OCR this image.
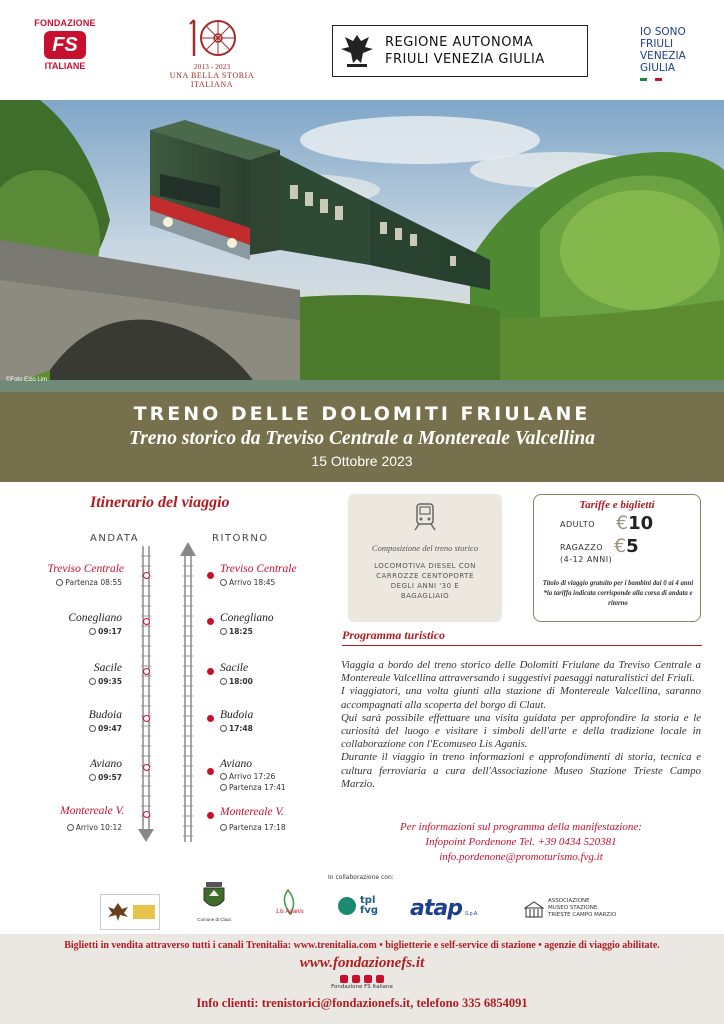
FONDAZIONE
FS
ITALIANE	2013 - 2023
UNA BELLA STORIA ITALIANA
REGIONE AUTONOMA
FRIULI VENEZIA GIULIA
IO SONO
FRIULI
VENEZIA
GIULIA
©Foto Ezio Lim
TRENO DELLE DOLOMITI FRIULANE
Treno storico da Treviso Centrale a Montereale Valcellina
15 Ottobre 2023
Itinerario del viaggio
ANDATA	RITORNO
Treviso Centrale
Partenza 08:55
Conegliano
09:17
Sacile
09:35
Budoia
09:47
Aviano
09:57
Montereale V.
Arrivo 10:12
Treviso Centrale
Arrivo 18:45
Conegliano
18:25
Sacile
18:00
Budoia
17:48
Aviano
Arrivo 17:26
Partenza 17:41
Montereale V.
Partenza 17:18
Composizione del treno storico
LOCOMOTIVA DIESEL CON
CARROZZE CENTOPORTE
DEGLI ANNI '30 E
BAGAGLIAIO
Tariffe e biglietti
ADULTO €10
RAGAZZO
(4-12 ANNI)
€5
Titolo di viaggio gratuito per i bambini dai 0 ai 4 anni
*la tariffa indicata corrisponde alla corsa di andata e ritorno
Programma turistico
Viaggia a bordo del treno storico delle Dolomiti Friulane da Treviso Centrale a Montereale Valcellina attraversando i suggestivi paesaggi naturalistici del Friuli.
I viaggiatori, una volta giunti alla stazione di Montereale Valcellina, saranno accompagnati alla scoperta del borgo di Claut.
Qui sarà possibile effettuare una visita guidata per approfondire la storia e le curiosità del luogo e visitare i simboli dell'arte e della tradizione locale in collaborazione con l'Ecomuseo Lis Aganis.
Durante il viaggio in treno informazioni e approfondimenti di storia, tecnica e cultura ferroviaria a cura dell'Associazione Museo Stazione Trieste Campo Marzio.
Per informazioni sul programma della manifestazione:
Infopoint Pordenone Tel. +39 0434 520381
info.pordenone@promoturismo.fvg.it
In collaborazione con:
Comune di Claut
Lis Aganis
tpl fvg atap S.p.A.
ASSOCIAZIONE
MUSEO STAZIONE
TRIESTE CAMPO MARZIO
Biglietti in vendita attraverso tutti i canali Trenitalia: www.trenitalia.com • biglietterie e self-service di stazione • agenzie di viaggio abilitate.
www.fondazionefs.it
Fondazione FS Italiane
Info clienti: trenistorici@fondazionefs.it, telefono 335 6854091
